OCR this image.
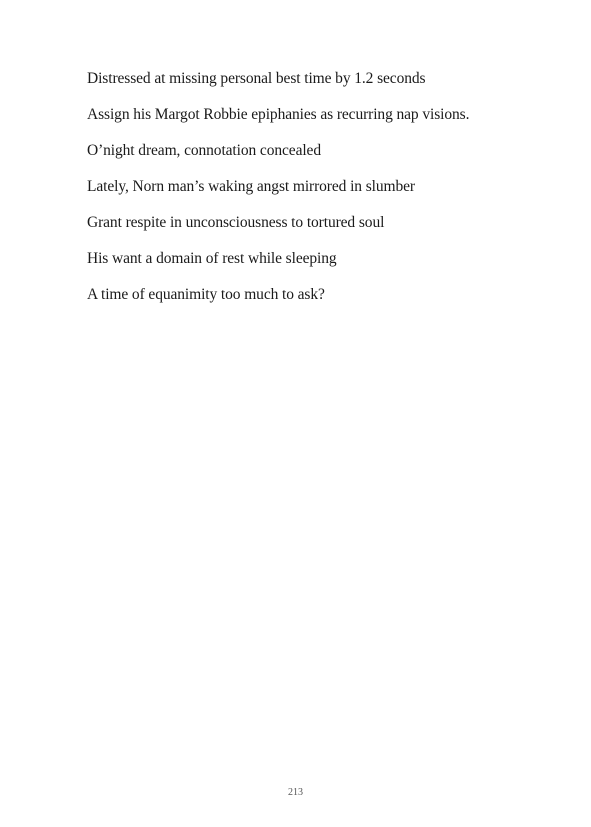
Distressed at missing personal best time by 1.2 seconds

Assign his Margot Robbie epiphanies as recurring nap visions.

O’night dream, connotation concealed

Lately, Norn man’s waking angst mirrored in slumber

Grant respite in unconsciousness to tortured soul

His want a domain of rest while sleeping

A time of equanimity too much to ask?

213
